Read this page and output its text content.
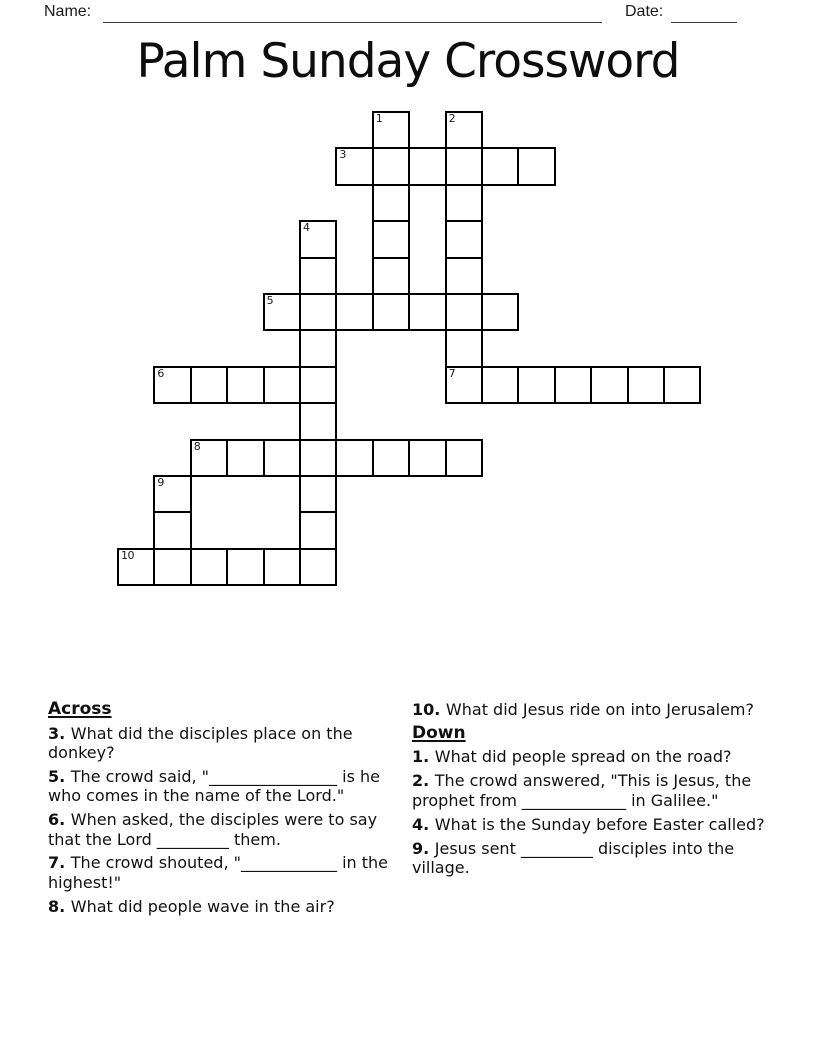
Name:	Date:
Palm Sunday Crossword
1	2
3
4
5
6	7
8
9
10

Across

3. What did the disciples place on the donkey?

5. The crowd said, "________________ is he who comes in the name of the Lord."

6. When asked, the disciples were to say that the Lord _________ them.

7. The crowd shouted, "____________ in the highest!"

8. What did people wave in the air?

10. What did Jesus ride on into Jerusalem?

Down

1. What did people spread on the road?

2. The crowd answered, "This is Jesus, the prophet from _____________ in Galilee."

4. What is the Sunday before Easter called?

9. Jesus sent _________ disciples into the village.
